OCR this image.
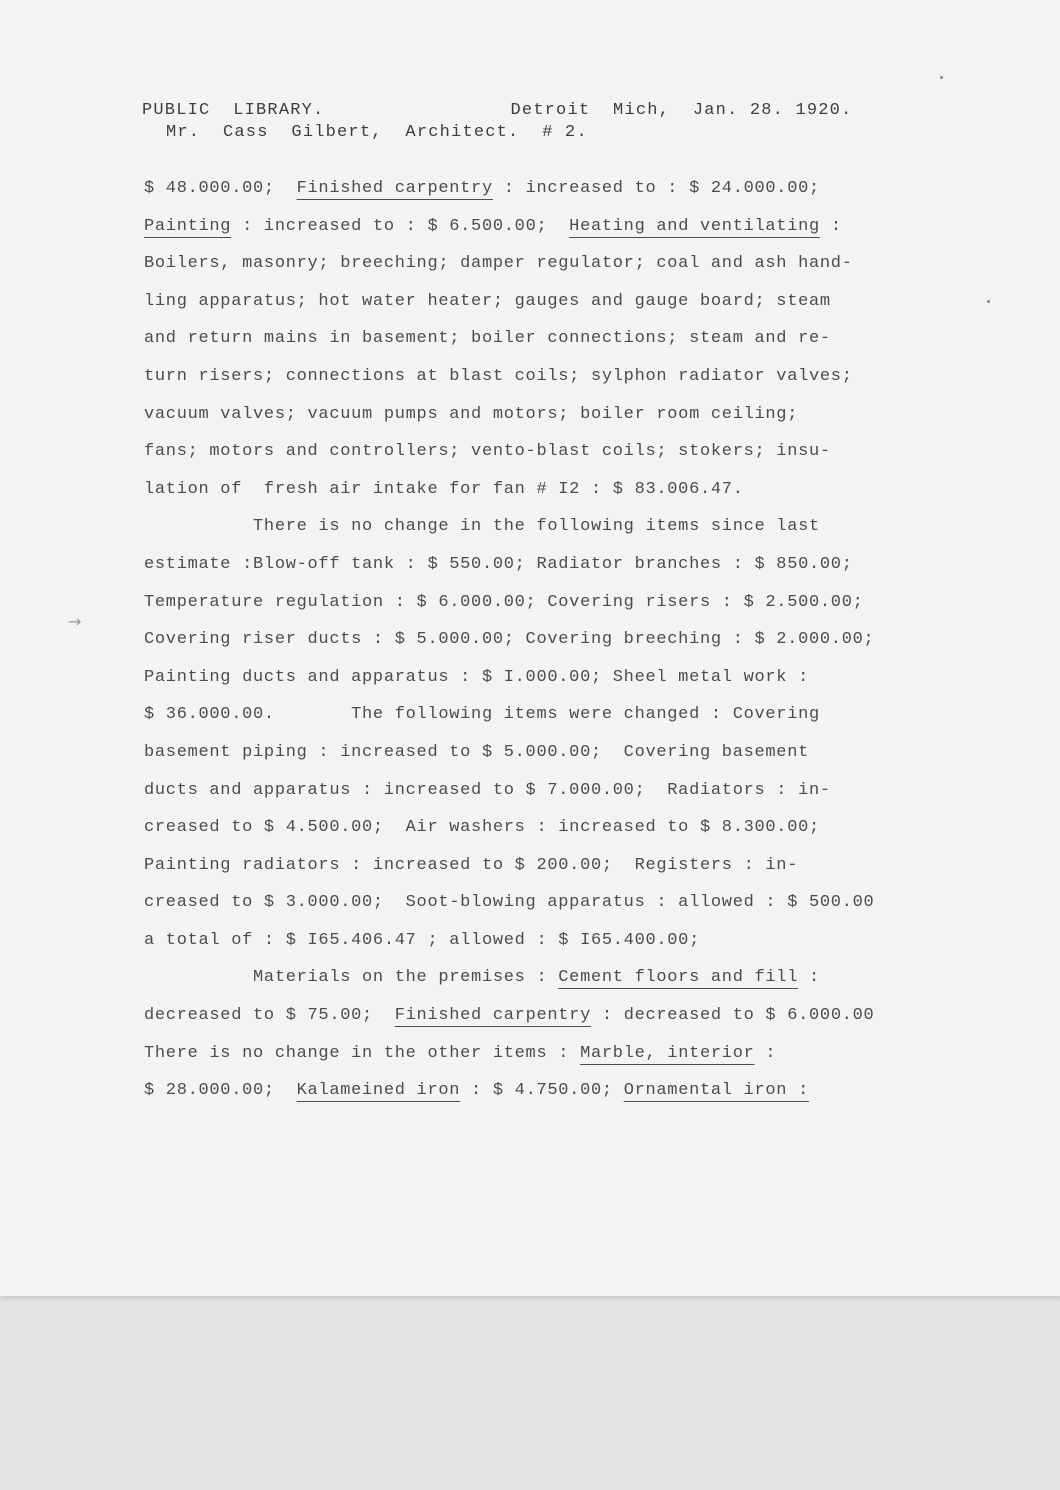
→
PUBLIC  LIBRARY.	Detroit  Mich,  Jan. 28. 1920.
Mr.  Cass  Gilbert,  Architect.  # 2.
$ 48.000.00;  Finished carpentry : increased to : $ 24.000.00;
Painting : increased to : $ 6.500.00;  Heating and ventilating :
Boilers, masonry; breeching; damper regulator; coal and ash hand-
ling apparatus; hot water heater; gauges and gauge board; steam
and return mains in basement; boiler connections; steam and re-
turn risers; connections at blast coils; sylphon radiator valves;
vacuum valves; vacuum pumps and motors; boiler room ceiling;
fans; motors and controllers; vento-blast coils; stokers; insu-
lation of  fresh air intake for fan # I2 : $ 83.006.47.
There is no change in the following items since last
estimate :Blow-off tank : $ 550.00; Radiator branches : $ 850.00;
Temperature regulation : $ 6.000.00; Covering risers : $ 2.500.00;
Covering riser ducts : $ 5.000.00; Covering breeching : $ 2.000.00;
Painting ducts and apparatus : $ I.000.00; Sheel metal work :
$ 36.000.00.       The following items were changed : Covering
basement piping : increased to $ 5.000.00;  Covering basement
ducts and apparatus : increased to $ 7.000.00;  Radiators : in-
creased to $ 4.500.00;  Air washers : increased to $ 8.300.00;
Painting radiators : increased to $ 200.00;  Registers : in-
creased to $ 3.000.00;  Soot-blowing apparatus : allowed : $ 500.00
a total of : $ I65.406.47 ; allowed : $ I65.400.00;
Materials on the premises : Cement floors and fill :
decreased to $ 75.00;  Finished carpentry : decreased to $ 6.000.00
There is no change in the other items : Marble, interior :
$ 28.000.00;  Kalameined iron : $ 4.750.00; Ornamental iron :
